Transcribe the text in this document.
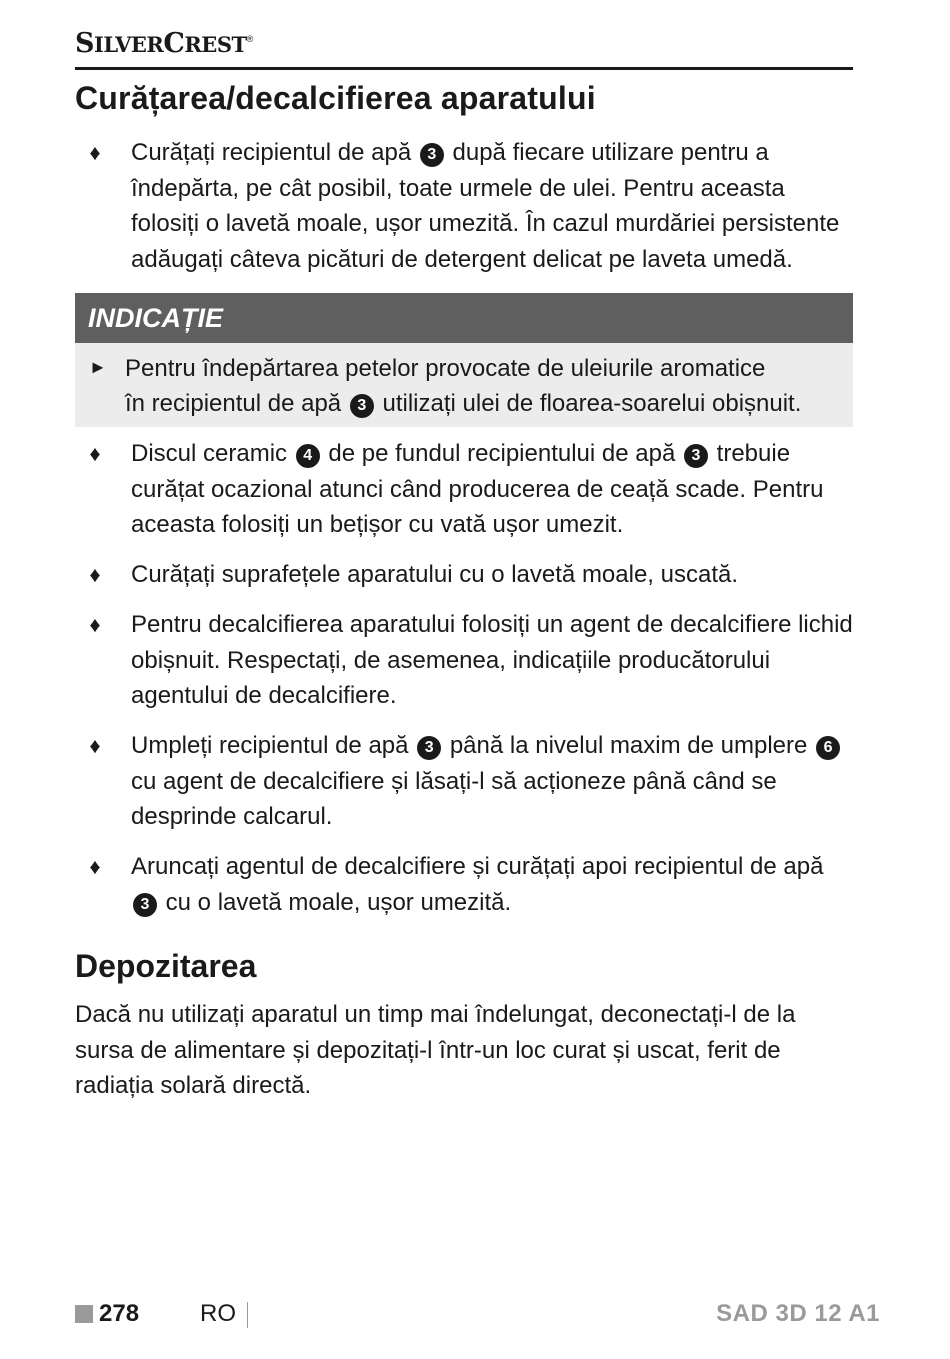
SILVERCREST®
Curățarea/decalcifierea aparatului
♦ Curățați recipientul de apă 3 după fiecare utilizare pentru a îndepărta, pe cât posibil, toate urmele de ulei. Pentru aceasta folosiți o lavetă moale, ușor umezită. În cazul murdăriei persistente adăugați câteva picături de detergent delicat pe laveta umedă.
INDICAȚIE
► Pentru îndepărtarea petelor provocate de uleiurile aromatice
în recipientul de apă 3 utilizați ulei de floarea-soarelui obișnuit.
♦ Discul ceramic 4 de pe fundul recipientului de apă 3 trebuie curățat ocazional atunci când producerea de ceață scade. Pentru aceasta folosiți un bețișor cu vată ușor umezit.
♦ Curățați suprafețele aparatului cu o lavetă moale, uscată.
♦ Pentru decalcifierea aparatului folosiți un agent de decalcifiere lichid obișnuit. Respectați, de asemenea, indicațiile producătorului agentului de decalcifiere.
♦ Umpleți recipientul de apă 3 până la nivelul maxim de umplere 6 cu agent de decalcifiere și lăsați-l să acționeze până când se desprinde calcarul.
♦ Aruncați agentul de decalcifiere și curățați apoi recipientul de apă 3 cu o lavetă moale, ușor umezită.
Depozitarea
Dacă nu utilizați aparatul un timp mai îndelungat, deconectați-l de la sursa de alimentare și depozitați-l într-un loc curat și uscat, ferit de radiația solară directă.
278	RO	SAD 3D 12 A1
